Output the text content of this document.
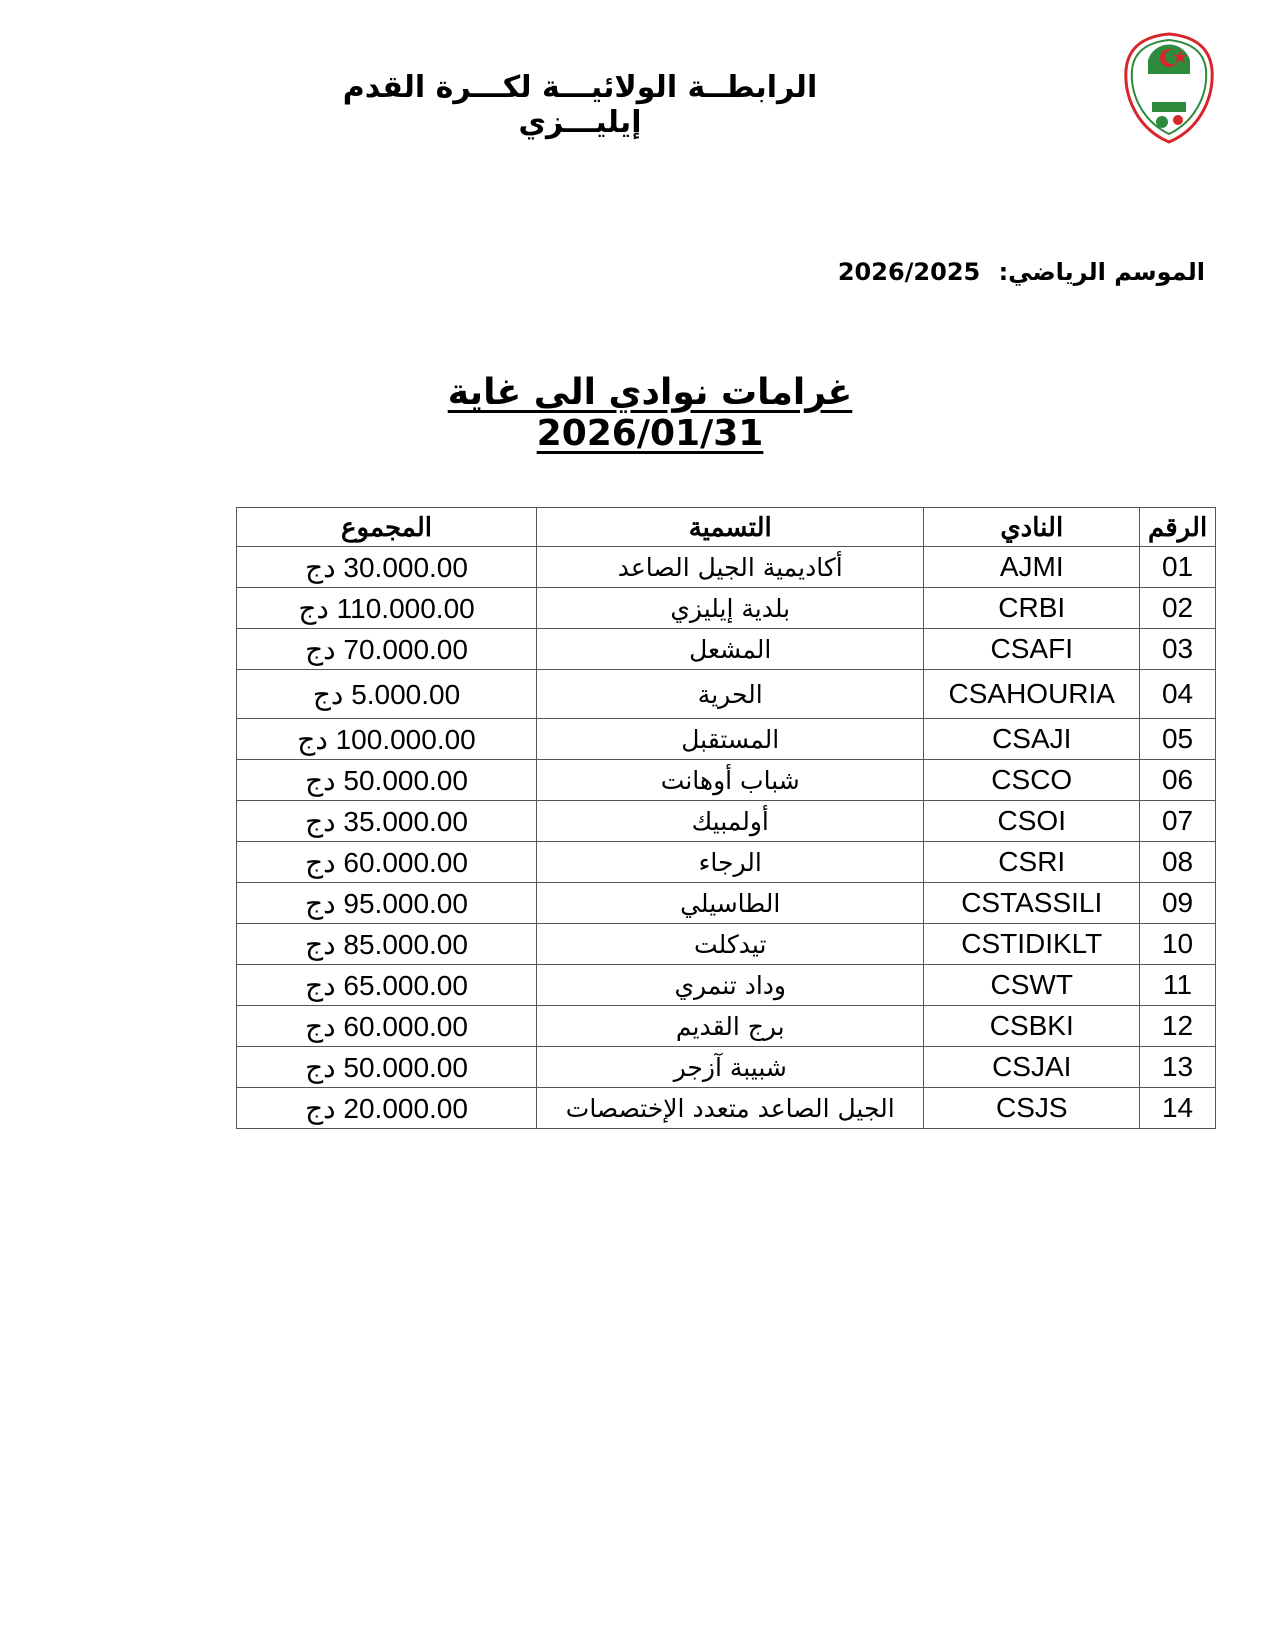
الرابطــة الولائيـــة لكـــرة القدم إيليـــزي
الموسم الرياضي: 2026/2025
غرامات نوادي الى غاية 2026/01/31
الرقم	النادي	التسمية	المجموع
01	AJMI	أكاديمية الجيل الصاعد	30.000.00 دج
02	CRBI	بلدية إيليزي	110.000.00 دج
03	CSAFI	المشعل	70.000.00 دج
04	CSAHOURIA	الحرية	5.000.00 دج
05	CSAJI	المستقبل	100.000.00 دج
06	CSCO	شباب أوهانت	50.000.00 دج
07	CSOI	أولمبيك	35.000.00 دج
08	CSRI	الرجاء	60.000.00 دج
09	CSTASSILI	الطاسيلي	95.000.00 دج
10	CSTIDIKLT	تيدكلت	85.000.00 دج
11	CSWT	وداد تنمري	65.000.00 دج
12	CSBKI	برج القديم	60.000.00 دج
13	CSJAI	شبيبة آزجر	50.000.00 دج
14	CSJS	الجيل الصاعد متعدد الإختصصات	20.000.00 دج
